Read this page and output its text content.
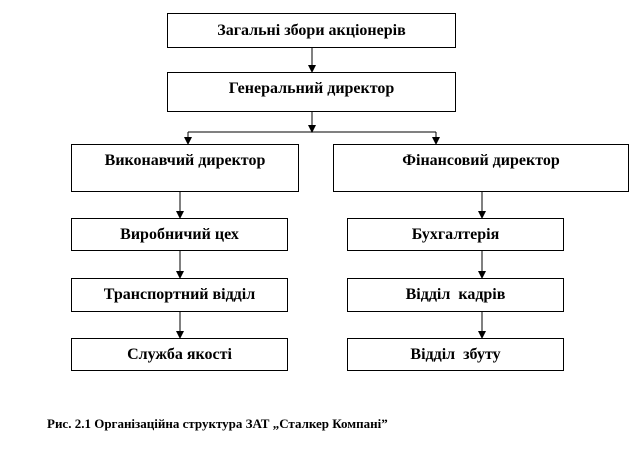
Загальні збори акціонерів
Генеральний директор
Виконавчий директор	Фінансовий директор
Виробничий цех
Транспортний відділ
Служба якості
Бухгалтерія
Відділ  кадрів
Відділ  збуту
Рис. 2.1 Організаційна структура ЗАТ „Сталкер Компані”
